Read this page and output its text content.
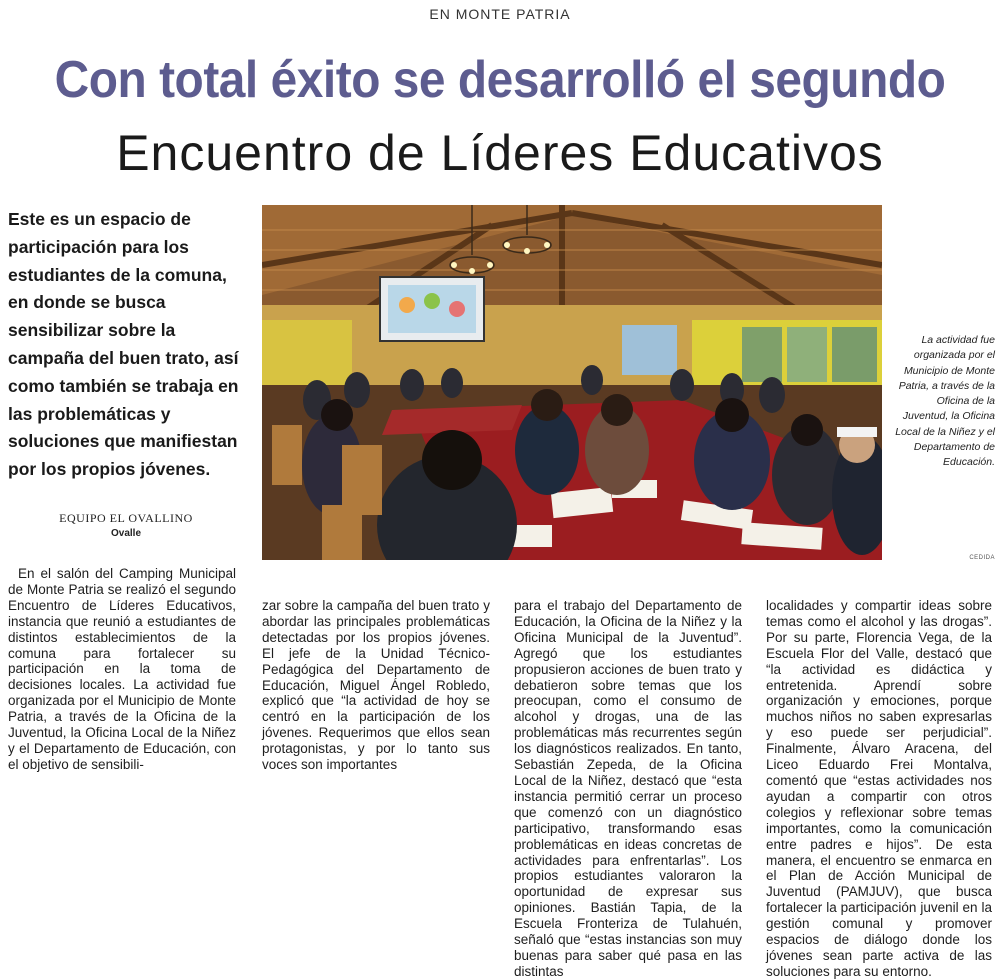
EN MONTE PATRIA
Con total éxito se desarrolló el segundo
Encuentro de Líderes Educativos
Este es un espacio de participación para los estudiantes de la comuna, en donde se busca sensibilizar sobre la campaña del buen trato, así como también se trabaja en las problemáticas y soluciones que manifiestan por los propios jóvenes.
EQUIPO EL OVALLINO
Ovalle
La actividad fue organizada por el Municipio de Monte Patria, a través de la Oficina de la Juventud, la Oficina Local de la Niñez y el Departamento de Educación.
CEDIDA

En el salón del Camping Municipal de Monte Patria se realizó el segundo Encuentro de Líderes Educativos, instancia que reunió a estudiantes de distintos establecimientos de la comuna para fortalecer su participación en la toma de decisiones locales. La actividad fue organizada por el Municipio de Monte Patria, a través de la Oficina de la Juventud, la Oficina Local de la Niñez y el Departamento de Educación, con el objetivo de sensibili-

zar sobre la campaña del buen trato y abordar las principales problemáticas detectadas por los propios jóvenes. El jefe de la Unidad Técnico-Pedagógica del Departamento de Educación, Miguel Ángel Robledo, explicó que “la actividad de hoy se centró en la participación de los jóvenes. Requerimos que ellos sean protagonistas, y por lo tanto sus voces son importantes

para el trabajo del Departamento de Educación, la Oficina de la Niñez y la Oficina Municipal de la Juventud”. Agregó que los estudiantes propusieron acciones de buen trato y debatieron sobre temas que los preocupan, como el consumo de alcohol y drogas, una de las problemáticas más recurrentes según los diagnósticos realizados. En tanto, Sebastián Zepeda, de la Oficina Local de la Niñez, destacó que “esta instancia permitió cerrar un proceso que comenzó con un diagnóstico participativo, transformando esas problemáticas en ideas concretas de actividades para enfrentarlas”. Los propios estudiantes valoraron la oportunidad de expresar sus opiniones. Bastián Tapia, de la Escuela Fronteriza de Tulahuén, señaló que “estas instancias son muy buenas para saber qué pasa en las distintas

localidades y compartir ideas sobre temas como el alcohol y las drogas”. Por su parte, Florencia Vega, de la Escuela Flor del Valle, destacó que “la actividad es didáctica y entretenida. Aprendí sobre organización y emociones, porque muchos niños no saben expresarlas y eso puede ser perjudicial”. Finalmente, Álvaro Aracena, del Liceo Eduardo Frei Montalva, comentó que “estas actividades nos ayudan a compartir con otros colegios y reflexionar sobre temas importantes, como la comunicación entre padres e hijos”. De esta manera, el encuentro se enmarca en el Plan de Acción Municipal de Juventud (PAMJUV), que busca fortalecer la participación juvenil en la gestión comunal y promover espacios de diálogo donde los jóvenes sean parte activa de las soluciones para su entorno.
